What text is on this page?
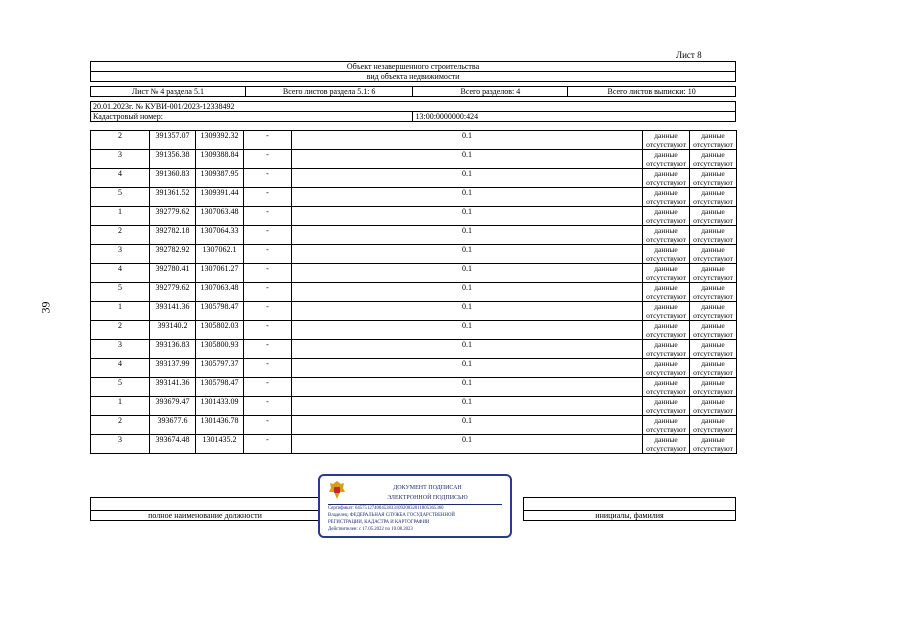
39
Лист 8
Объект незавершенного строительства			
вид объекта недвижимости			

Лист № 4 раздела 5.1	Всего листов раздела 5.1: 6	Всего разделов: 4	Всего листов выписки: 10

20.01.2023г. № КУВИ-001/2023-12338492			
Кадастровый номер:		13:00:0000000:424	
2	391357.07	1309392.32	-	0.1	данные отсутствуют	данные отсутствуют
3	391356.38	1309388.84	-	0.1	данные отсутствуют	данные отсутствуют
4	391360.83	1309387.95	-	0.1	данные отсутствуют	данные отсутствуют
5	391361.52	1309391.44	-	0.1	данные отсутствуют	данные отсутствуют
1	392779.62	1307063.48	-	0.1	данные отсутствуют	данные отсутствуют
2	392782.18	1307064.33	-	0.1	данные отсутствуют	данные отсутствуют
3	392782.92	1307062.1	-	0.1	данные отсутствуют	данные отсутствуют
4	392780.41	1307061.27	-	0.1	данные отсутствуют	данные отсутствуют
5	392779.62	1307063.48	-	0.1	данные отсутствуют	данные отсутствуют
1	393141.36	1305798.47	-	0.1	данные отсутствуют	данные отсутствуют
2	393140.2	1305802.03	-	0.1	данные отсутствуют	данные отсутствуют
3	393136.83	1305800.93	-	0.1	данные отсутствуют	данные отсутствуют
4	393137.99	1305797.37	-	0.1	данные отсутствуют	данные отсутствуют
5	393141.36	1305798.47	-	0.1	данные отсутствуют	данные отсутствуют
1	393679.47	1301433.09	-	0.1	данные отсутствуют	данные отсутствуют
2	393677.6	1301436.78	-	0.1	данные отсутствуют	данные отсутствуют
3	393674.48	1301435.2	-	0.1	данные отсутствуют	данные отсутствуют
полное наименование должности	инициалы, фамилия
ДОКУМЕНТ ПОДПИСАН
ЭЛЕКТРОННОЙ ПОДПИСЬЮ
Сертификат: 6457512740045383310920032811805365360
Владелец: ФЕДЕРАЛЬНАЯ СЛУЖБА ГОСУДАРСТВЕННОЙ
РЕГИСТРАЦИИ, КАДАСТРА И КАРТОГРАФИИ
Действителен: с 17.05.2022 по 10.08.2023
